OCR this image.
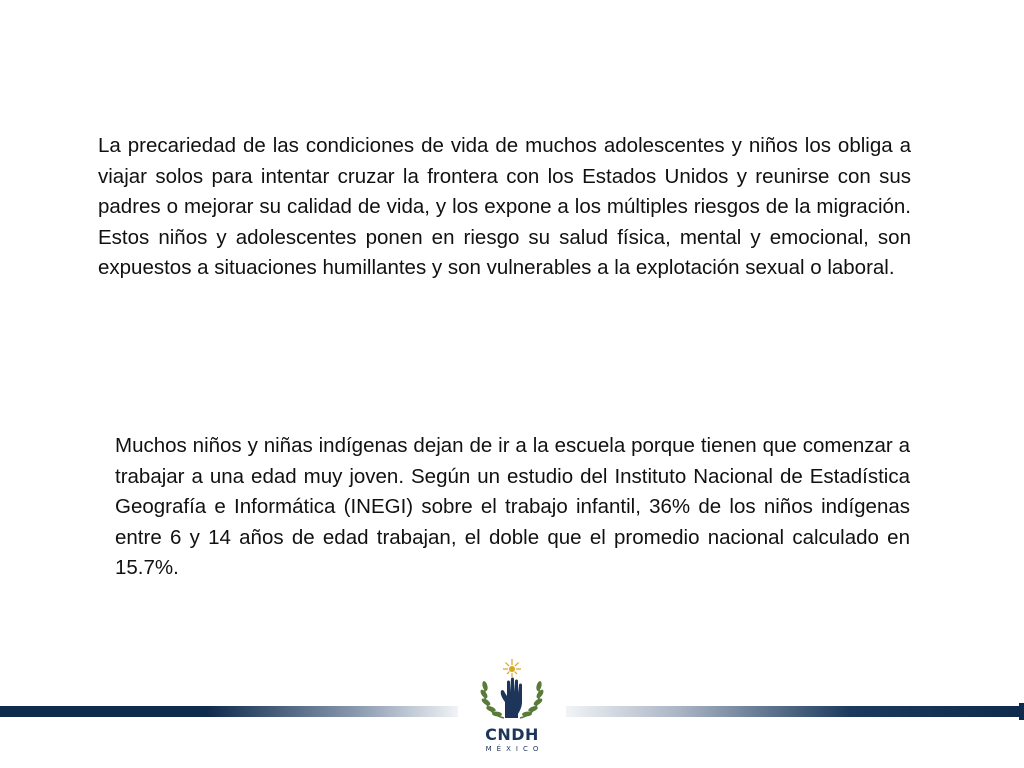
La precariedad de las condiciones de vida de muchos adolescentes y niños los obliga a viajar solos para intentar cruzar la frontera con los Estados Unidos y reunirse con sus padres o mejorar su calidad de vida, y los expone a los múltiples riesgos de la migración. Estos niños y adolescentes ponen en riesgo su salud física, mental y emocional, son expuestos a situaciones humillantes y son vulnerables a la explotación sexual o laboral.

Muchos niños y niñas indígenas dejan de ir a la escuela porque tienen que comenzar a trabajar a una edad muy joven. Según un estudio del Instituto Nacional de Estadística Geografía e Informática (INEGI) sobre el trabajo infantil, 36% de los niños indígenas entre 6 y 14 años de edad trabajan, el doble que el promedio nacional calculado en 15.7%.

CNDH
MÉXICO
